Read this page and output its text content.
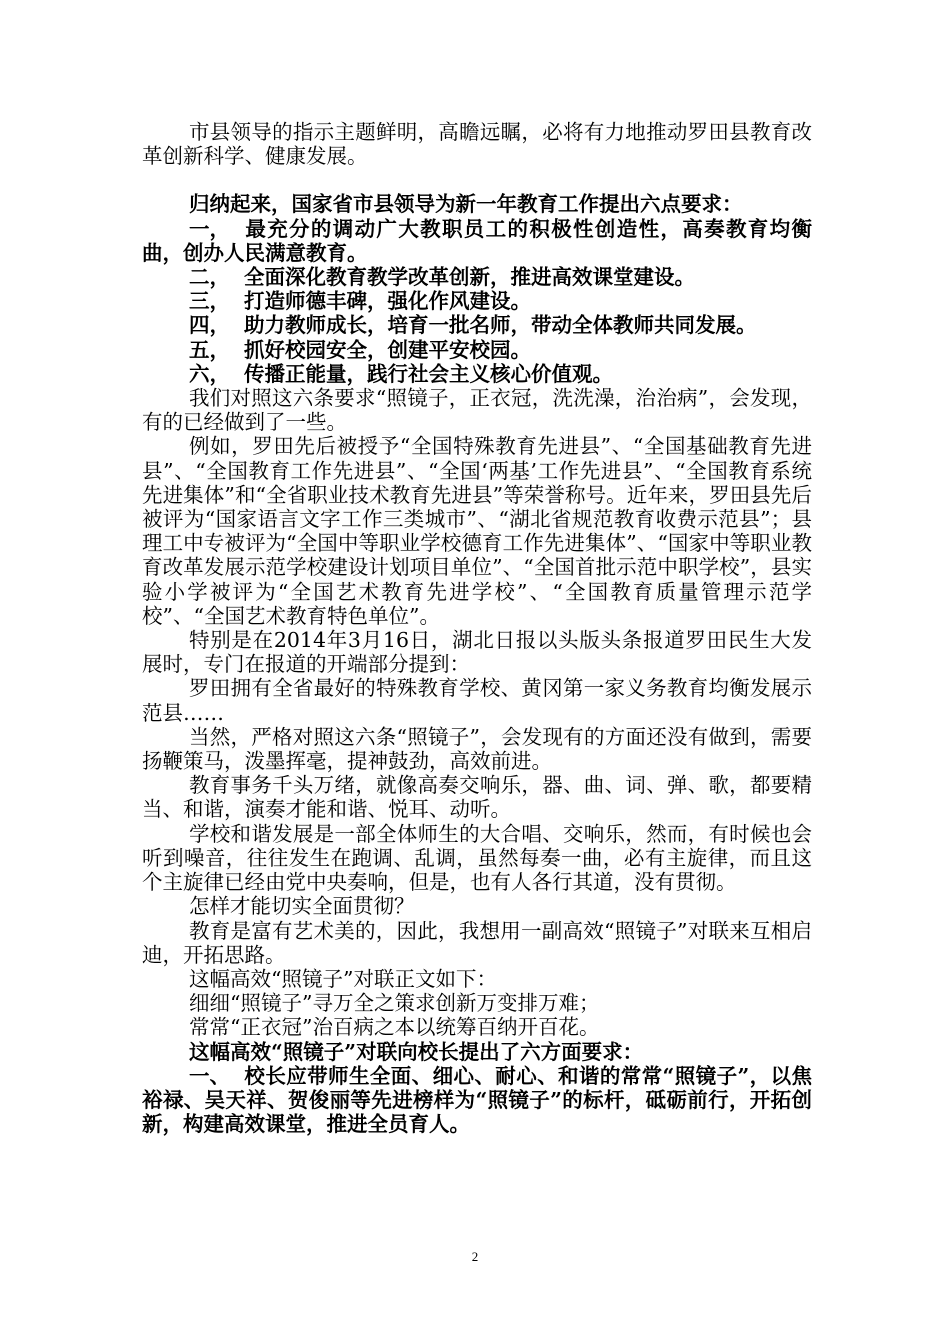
市县领导的指示主题鲜明，高瞻远瞩，必将有力地推动罗田县教育改革创新科学、健康发展。

归纳起来，国家省市县领导为新一年教育工作提出六点要求：

一， 最充分的调动广大教职员工的积极性创造性，高奏教育均衡曲，创办人民满意教育。

二， 全面深化教育教学改革创新，推进高效课堂建设。

三， 打造师德丰碑，强化作风建设。

四， 助力教师成长，培育一批名师，带动全体教师共同发展。

五， 抓好校园安全，创建平安校园。

六， 传播正能量，践行社会主义核心价值观。

我们对照这六条要求“照镜子，正衣冠，洗洗澡，治治病”，会发现，有的已经做到了一些。

例如，罗田先后被授予“全国特殊教育先进县”、“全国基础教育先进县”、“全国教育工作先进县”、“全国‘两基’工作先进县”、“全国教育系统先进集体”和“全省职业技术教育先进县”等荣誉称号。近年来，罗田县先后被评为“国家语言文字工作三类城市”、“湖北省规范教育收费示范县”；县理工中专被评为“全国中等职业学校德育工作先进集体”、“国家中等职业教育改革发展示范学校建设计划项目单位”、“全国首批示范中职学校”，县实验小学被评为“全国艺术教育先进学校”、“全国教育质量管理示范学校”、“全国艺术教育特色单位”。

特别是在2014年3月16日，湖北日报以头版头条报道罗田民生大发展时，专门在报道的开端部分提到：

罗田拥有全省最好的特殊教育学校、黄冈第一家义务教育均衡发展示范县……

当然，严格对照这六条“照镜子”，会发现有的方面还没有做到，需要扬鞭策马，泼墨挥毫，提神鼓劲，高效前进。

教育事务千头万绪，就像高奏交响乐，器、曲、词、弹、歌，都要精当、和谐，演奏才能和谐、悦耳、动听。

学校和谐发展是一部全体师生的大合唱、交响乐，然而，有时候也会听到噪音，往往发生在跑调、乱调，虽然每奏一曲，必有主旋律，而且这个主旋律已经由党中央奏响，但是，也有人各行其道，没有贯彻。

怎样才能切实全面贯彻？

教育是富有艺术美的，因此，我想用一副高效“照镜子”对联来互相启迪，开拓思路。

这幅高效“照镜子”对联正文如下：

细细“照镜子”寻万全之策求创新万变排万难；

常常“正衣冠”治百病之本以统筹百纳开百花。

这幅高效“照镜子”对联向校长提出了六方面要求：

一、 校长应带师生全面、细心、耐心、和谐的常常“照镜子”，以焦裕禄、吴天祥、贺俊丽等先进榜样为“照镜子”的标杆，砥砺前行，开拓创新，构建高效课堂，推进全员育人。

2
